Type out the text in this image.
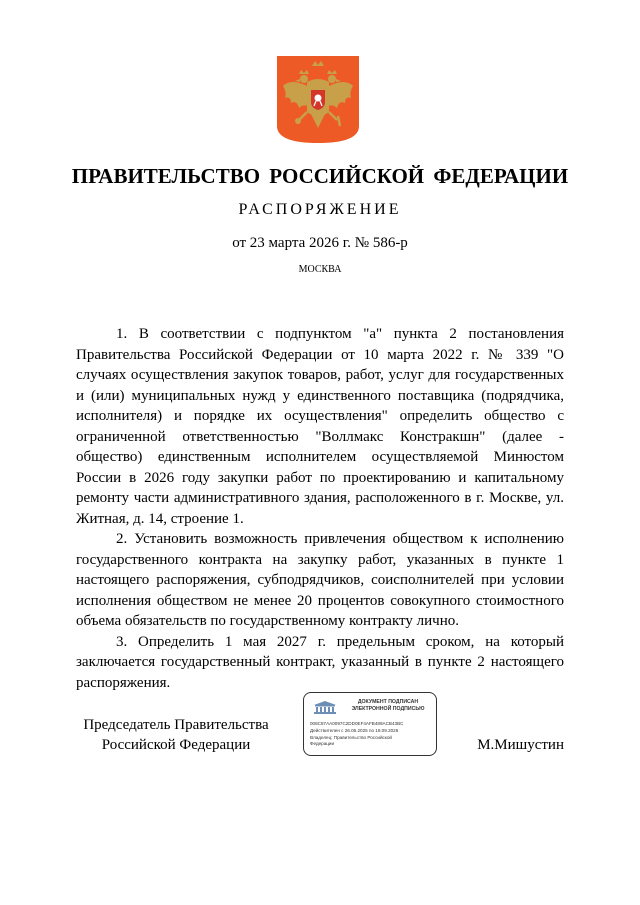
ПРАВИТЕЛЬСТВО РОССИЙСКОЙ ФЕДЕРАЦИИ
РАСПОРЯЖЕНИЕ
от 23 марта 2026 г. № 586-р
МОСКВА

1. В соответствии с подпунктом "а" пункта 2 постановления Правительства Российской Федерации от 10 марта 2022 г. № 339 "О случаях осуществления закупок товаров, работ, услуг для государственных и (или) муниципальных нужд у единственного поставщика (подрядчика, исполнителя) и порядке их осуществления" определить общество с ограниченной ответственностью "Воллмакс Констракшн" (далее - общество) единственным исполнителем осуществляемой Минюстом России в 2026 году закупки работ по проектированию и капитальному ремонту части административного здания, расположенного в г. Москве, ул. Житная, д. 14, строение 1.

2. Установить возможность привлечения обществом к исполнению государственного контракта на закупку работ, указанных в пункте 1 настоящего распоряжения, субподрядчиков, соисполнителей при условии исполнения обществом не менее 20 процентов совокупного стоимостного объема обязательств по государственному контракту лично.

3. Определить 1 мая 2027 г. предельным сроком, на который заключается государственный контракт, указанный в пункте 2 настоящего распоряжения.

Председатель Правительства
Российской Федерации
ДОКУМЕНТ ПОДПИСАН
ЭЛЕКТРОННОЙ ПОДПИСЬЮ
008C87AA0097C2DD0EF4AFB489ACB43BC
Действителен с 26.06.2025 по 19.09.2026
Владелец: Правительство Российской
Федерации	М.Мишустин
